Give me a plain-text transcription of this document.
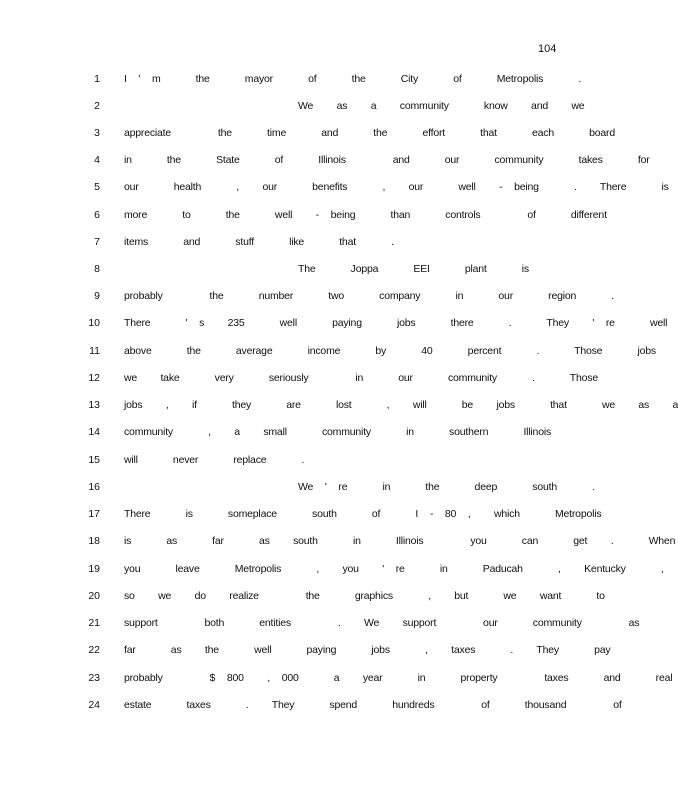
104
1 I ' m   the   mayor   of   the   City   of   Metropolis   .
2	We  as  a  community   know  and  we
3 appreciate    the   time   and   the   effort   that   each   board
4 in   the   State   of   Illinois    and   our   community   takes   for
5 our   health   ,  our   benefits   ,  our   well  - being   .  There   is
6 more   to   the   well  - being   than   controls    of   different
7 items   and   stuff   like   that   .
8	The   Joppa   EEI   plant   is
9 probably    the   number   two   company   in   our   region   .
10 There   ' s  235   well   paying   jobs   there   .   They  ' re   well
11 above   the   average   income   by   40   percent   .   Those   jobs
12 we  take   very   seriously    in   our   community   .   Those
13 jobs  ,  if   they   are   lost   ,  will   be  jobs   that   we  as  a
14 community   ,  a  small   community   in   southern   Illinois
15 will   never   replace   .
16	We ' re   in   the   deep   south   .
17 There   is   someplace   south   of   I - 80 ,  which   Metropolis
18 is   as   far   as  south   in   Illinois    you   can   get  .   When
19 you   leave   Metropolis   ,  you  ' re   in   Paducah   ,  Kentucky   ,
20 so  we  do  realize    the   graphics   ,  but   we  want   to
21 support    both   entities    .  We  support    our   community    as
22 far   as  the   well   paying   jobs   ,  taxes   .  They   pay
23 probably    $ 800  , 000   a  year   in   property    taxes   and   real
24 estate   taxes   .  They   spend   hundreds    of   thousand    of
